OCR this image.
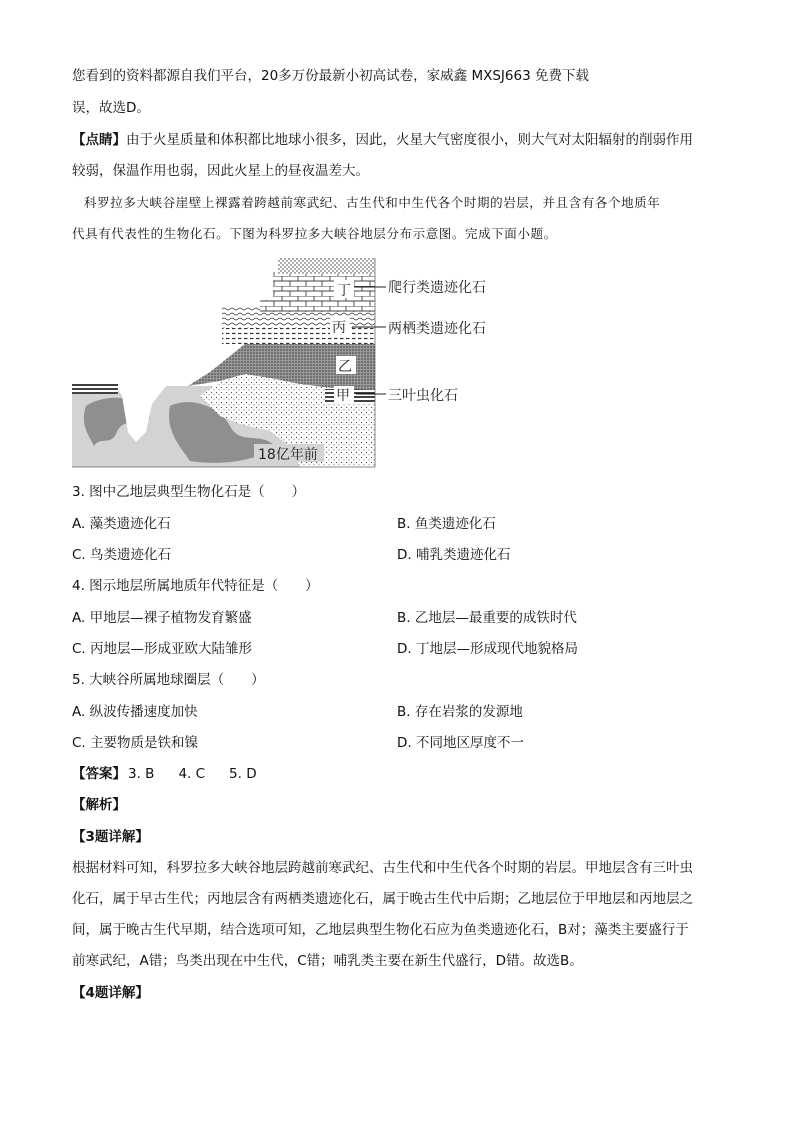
您看到的资料都源自我们平台，20多万份最新小初高试卷，家威鑫 MXSJ663 免费下载
误，故选D。
【点睛】由于火星质量和体积都比地球小很多，因此，火星大气密度很小，则大气对太阳辐射的削弱作用
较弱，保温作用也弱，因此火星上的昼夜温差大。
科罗拉多大峡谷崖壁上裸露着跨越前寒武纪、古生代和中生代各个时期的岩层，并且含有各个地质年
代具有代表性的生物化石。下图为科罗拉多大峡谷地层分布示意图。完成下面小题。
丁
丙
乙
甲
爬行类遗迹化石
两栖类遗迹化石
三叶虫化石
18亿年前
3. 图中乙地层典型生物化石是（　　）
A. 藻类遗迹化石	B. 鱼类遗迹化石
C. 鸟类遗迹化石	D. 哺乳类遗迹化石
4. 图示地层所属地质年代特征是（　　）
A. 甲地层—裸子植物发育繁盛	B. 乙地层—最重要的成铁时代
C. 丙地层—形成亚欧大陆雏形	D. 丁地层—形成现代地貌格局
5. 大峡谷所属地球圈层（　　）
A. 纵波传播速度加快	B. 存在岩浆的发源地
C. 主要物质是铁和镍	D. 不同地区厚度不一
【答案】 3. B 4. C 5. D
【解析】
【3题详解】
根据材料可知，科罗拉多大峡谷地层跨越前寒武纪、古生代和中生代各个时期的岩层。甲地层含有三叶虫
化石，属于早古生代；丙地层含有两栖类遗迹化石，属于晚古生代中后期；乙地层位于甲地层和丙地层之
间，属于晚古生代早期，结合选项可知，乙地层典型生物化石应为鱼类遗迹化石，B对；藻类主要盛行于
前寒武纪，A错；鸟类出现在中生代，C错；哺乳类主要在新生代盛行，D错。故选B。
【4题详解】
